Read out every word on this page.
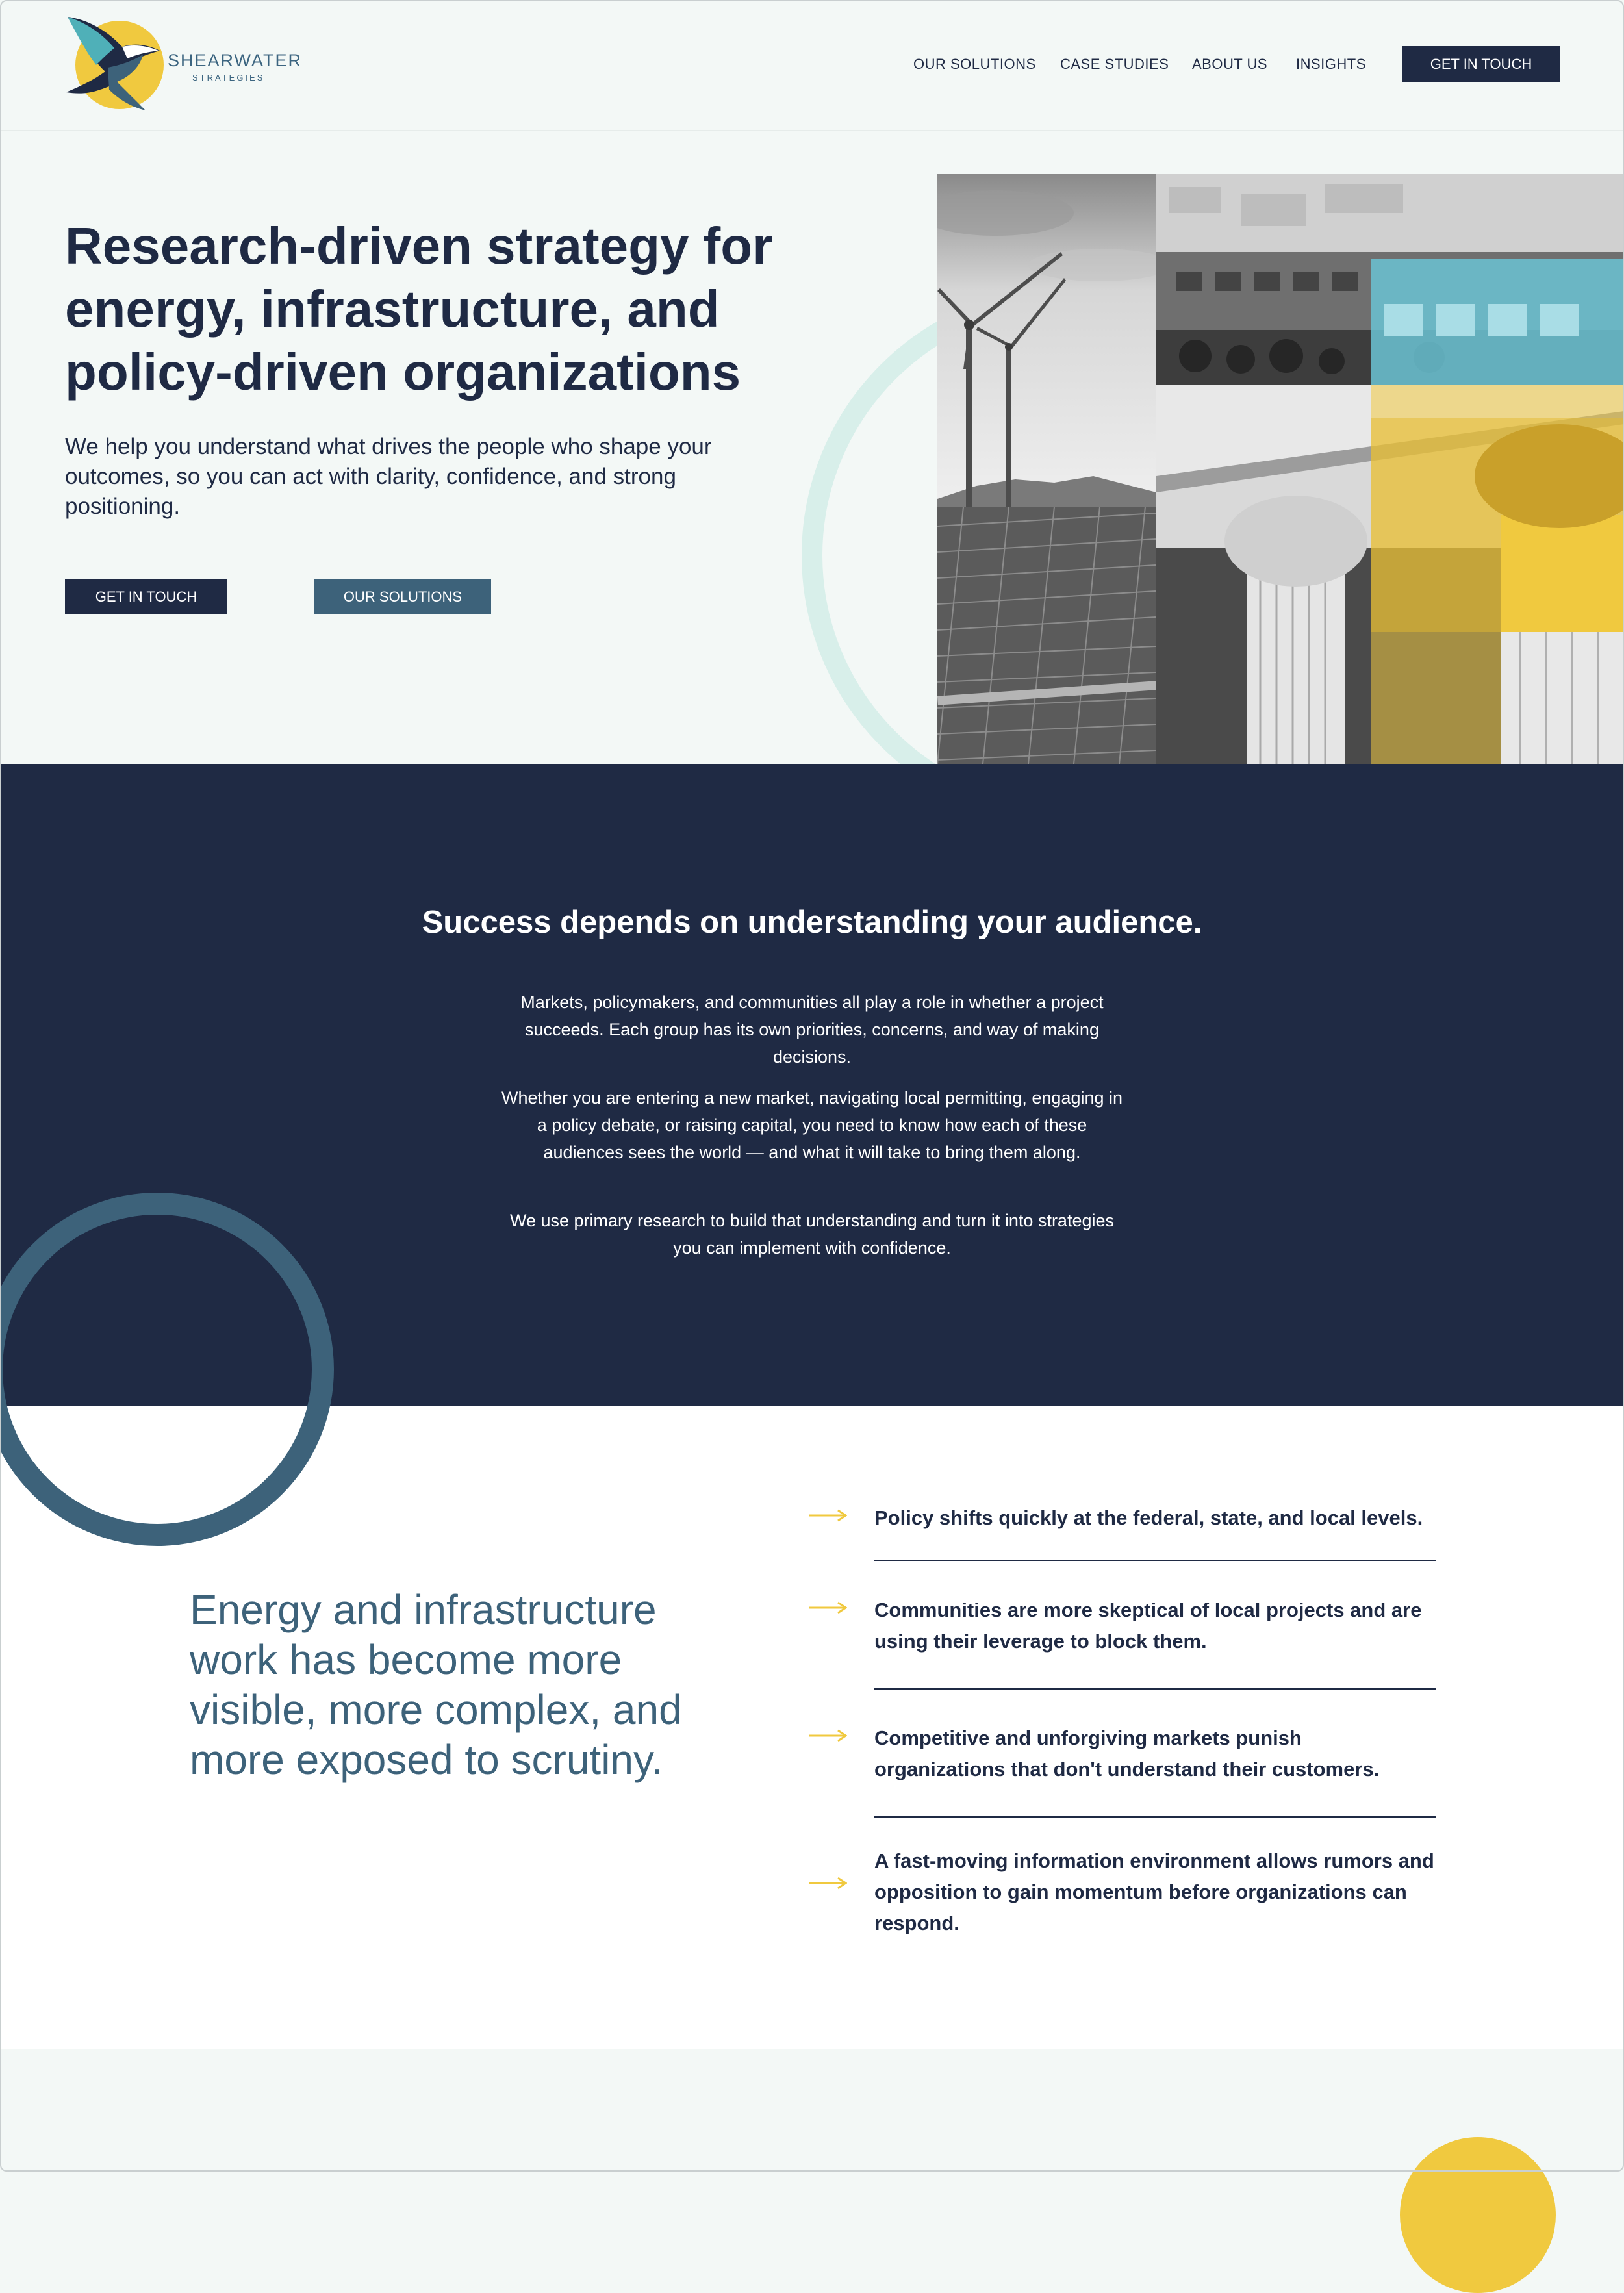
SHEARWATER
STRATEGIES
OUR SOLUTIONS CASE STUDIES ABOUT US INSIGHTS	GET IN TOUCH
Research-driven strategy for energy, infrastructure, and policy-driven organizations

We help you understand what drives the people who shape your outcomes, so you can act with clarity, confidence, and strong positioning.

GET IN TOUCH	OUR SOLUTIONS
Success depends on understanding your audience.

Markets, policymakers, and communities all play a role in whether a project succeeds. Each group has its own priorities, concerns, and way of making decisions.

Whether you are entering a new market, navigating local permitting, engaging in a policy debate, or raising capital, you need to know how each of these audiences sees the world — and what it will take to bring them along.

We use primary research to build that understanding and turn it into strategies you can implement with confidence.

Energy and infrastructure work has become more visible, more complex, and more exposed to scrutiny.

Policy shifts quickly at the federal, state, and local levels.

Communities are more skeptical of local projects and are using their leverage to block them.

Competitive and unforgiving markets punish organizations that don't understand their customers.

A fast-moving information environment allows rumors and opposition to gain momentum before organizations can respond.
